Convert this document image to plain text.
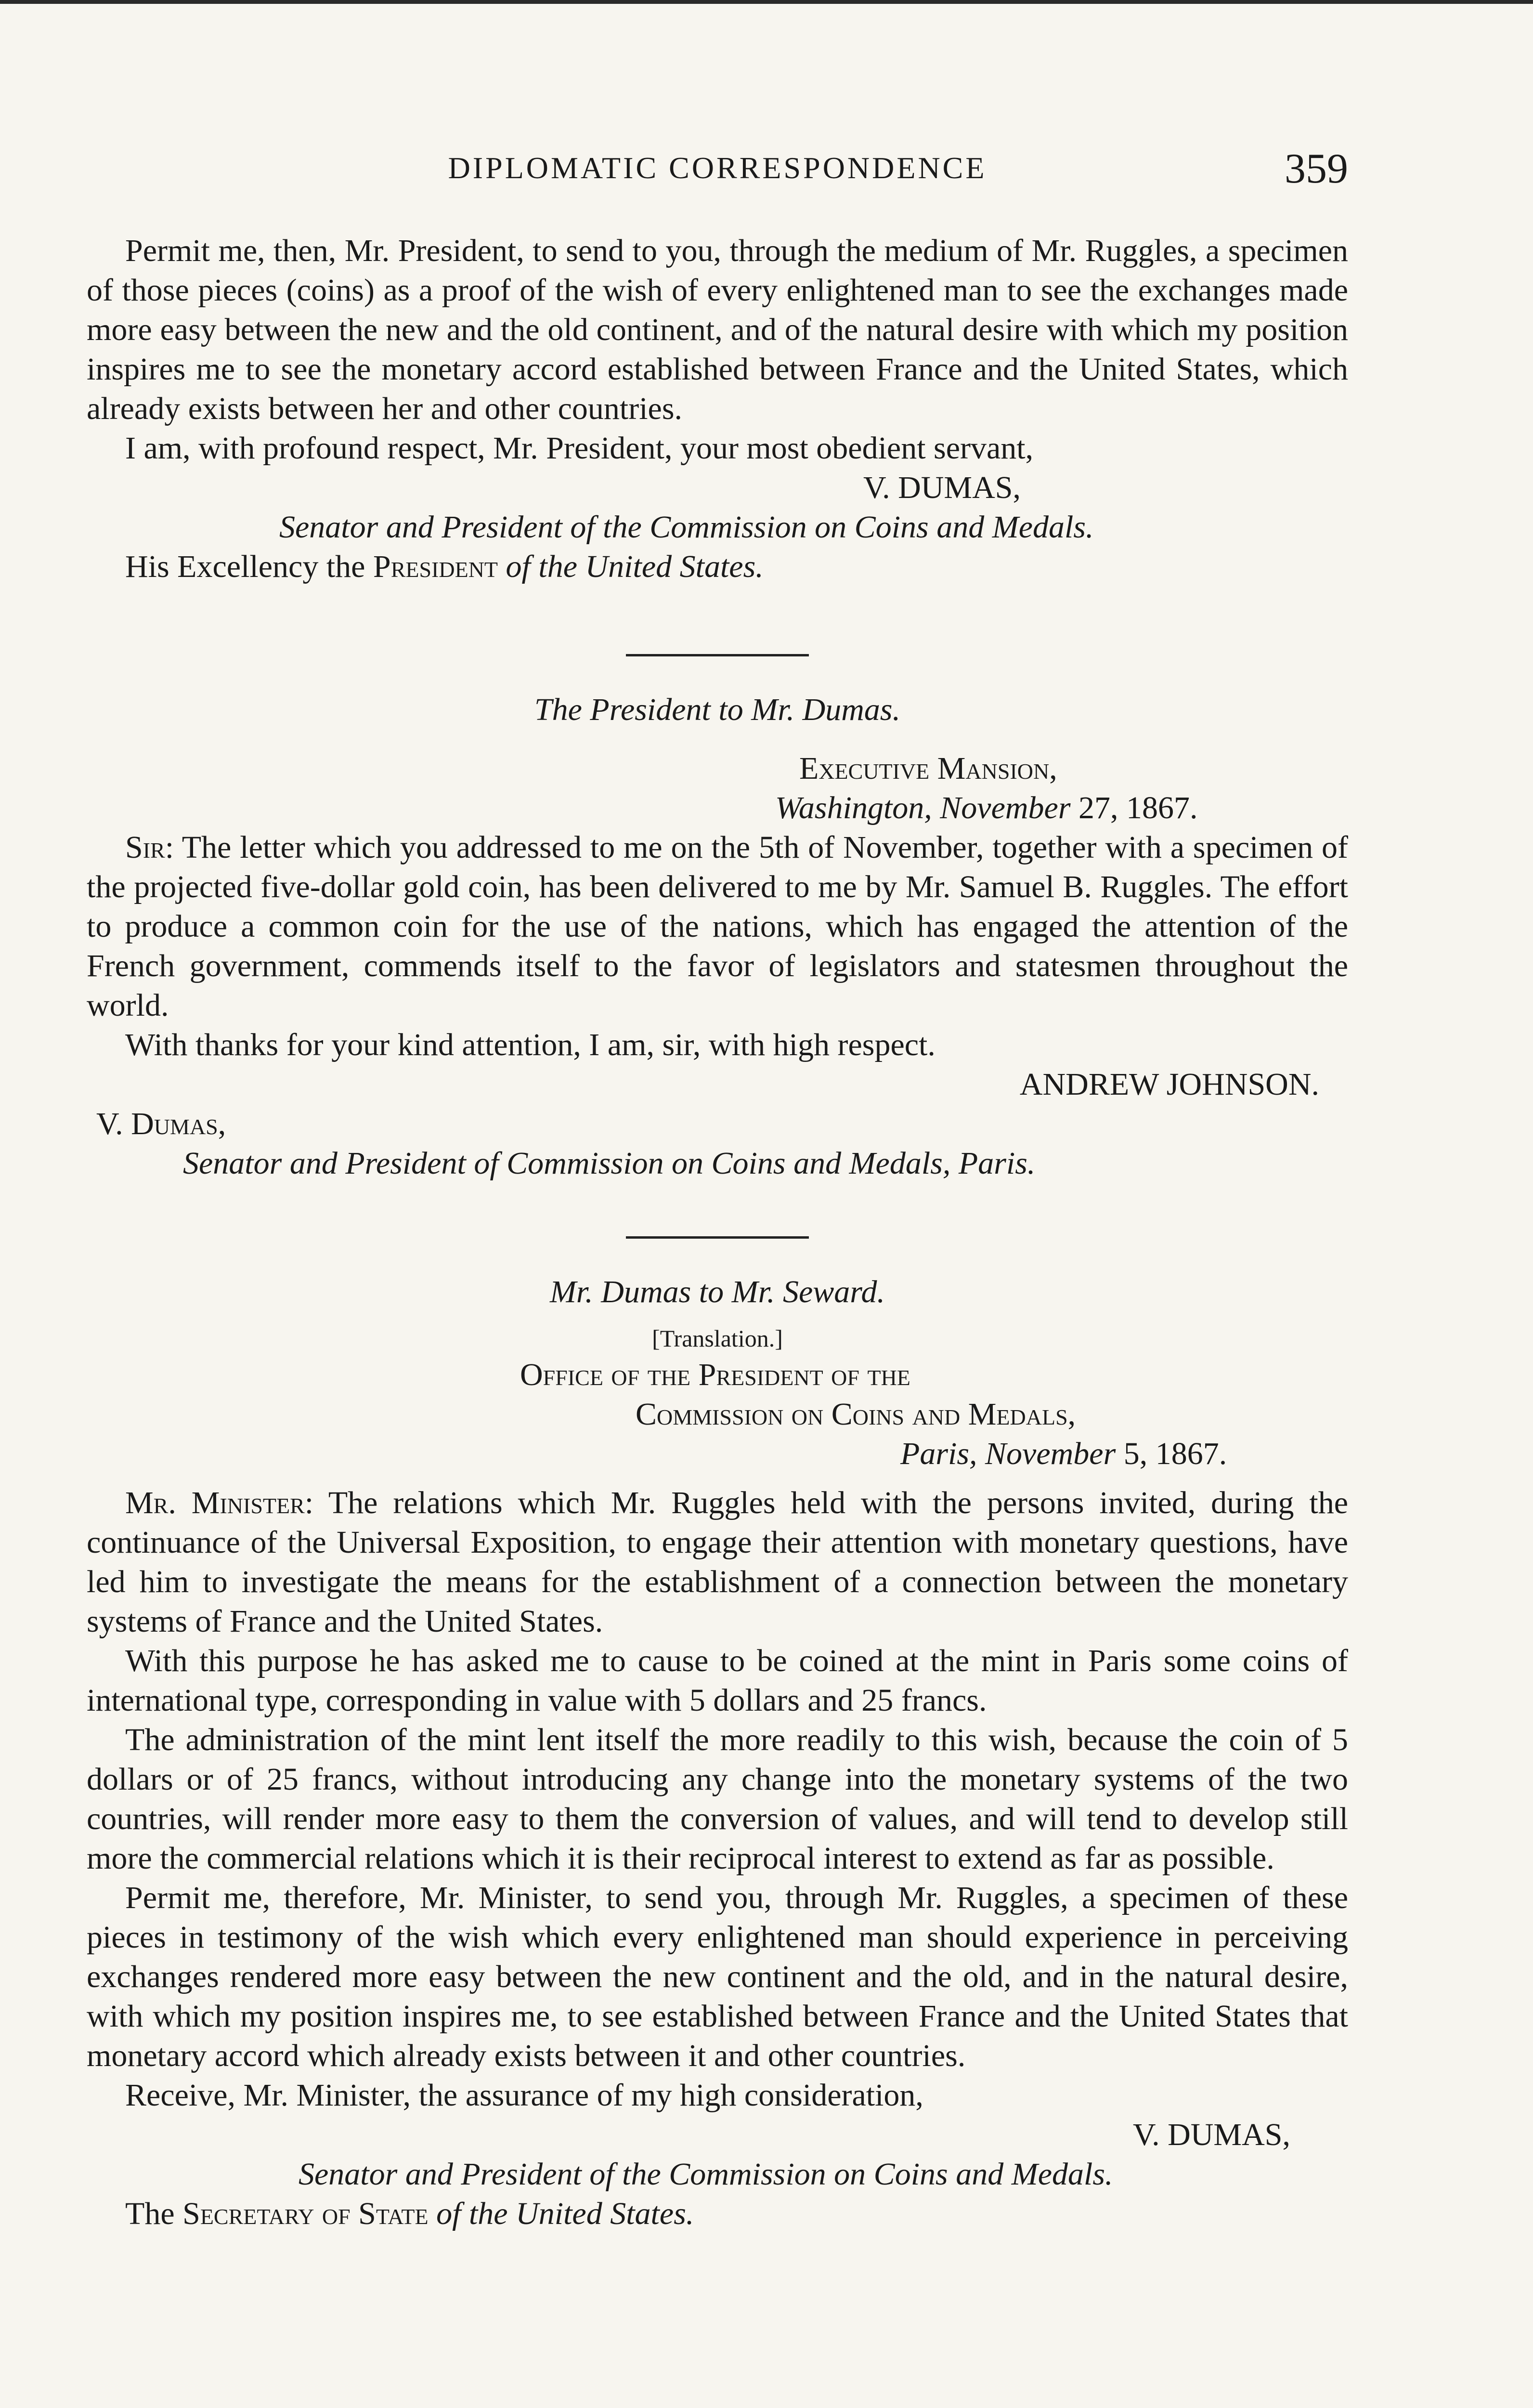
DIPLOMATIC CORRESPONDENCE	359

Permit me, then, Mr. President, to send to you, through the medium of Mr. Ruggles, a specimen of those pieces (coins) as a proof of the wish of every enlightened man to see the exchanges made more easy between the new and the old continent, and of the natural desire with which my position inspires me to see the monetary accord established between France and the United States, which already exists between her and other countries.

I am, with profound respect, Mr. President, your most obedient servant,

V. DUMAS,
Senator and President of the Commission on Coins and Medals.
His Excellency the President of the United States.
The President to Mr. Dumas.
Executive Mansion,
Washington, November 27, 1867.

Sir: The letter which you addressed to me on the 5th of November, together with a specimen of the projected five-dollar gold coin, has been delivered to me by Mr. Samuel B. Ruggles. The effort to produce a common coin for the use of the nations, which has engaged the attention of the French government, commends itself to the favor of legislators and statesmen throughout the world.

With thanks for your kind attention, I am, sir, with high respect.

ANDREW JOHNSON.
V. Dumas,
Senator and President of Commission on Coins and Medals, Paris.
Mr. Dumas to Mr. Seward.
[Translation.]
Office of the President of the
Commission on Coins and Medals,
Paris, November 5, 1867.

Mr. Minister: The relations which Mr. Ruggles held with the persons invited, during the continuance of the Universal Exposition, to engage their attention with monetary questions, have led him to investigate the means for the establishment of a connection between the monetary systems of France and the United States.

With this purpose he has asked me to cause to be coined at the mint in Paris some coins of international type, corresponding in value with 5 dollars and 25 francs.

The administration of the mint lent itself the more readily to this wish, because the coin of 5 dollars or of 25 francs, without introducing any change into the monetary systems of the two countries, will render more easy to them the conversion of values, and will tend to develop still more the commercial relations which it is their reciprocal interest to extend as far as possible.

Permit me, therefore, Mr. Minister, to send you, through Mr. Ruggles, a specimen of these pieces in testimony of the wish which every enlightened man should experience in perceiving exchanges rendered more easy between the new continent and the old, and in the natural desire, with which my position inspires me, to see established between France and the United States that monetary accord which already exists between it and other countries.

Receive, Mr. Minister, the assurance of my high consideration,

V. DUMAS,
Senator and President of the Commission on Coins and Medals.
The Secretary of State of the United States.
